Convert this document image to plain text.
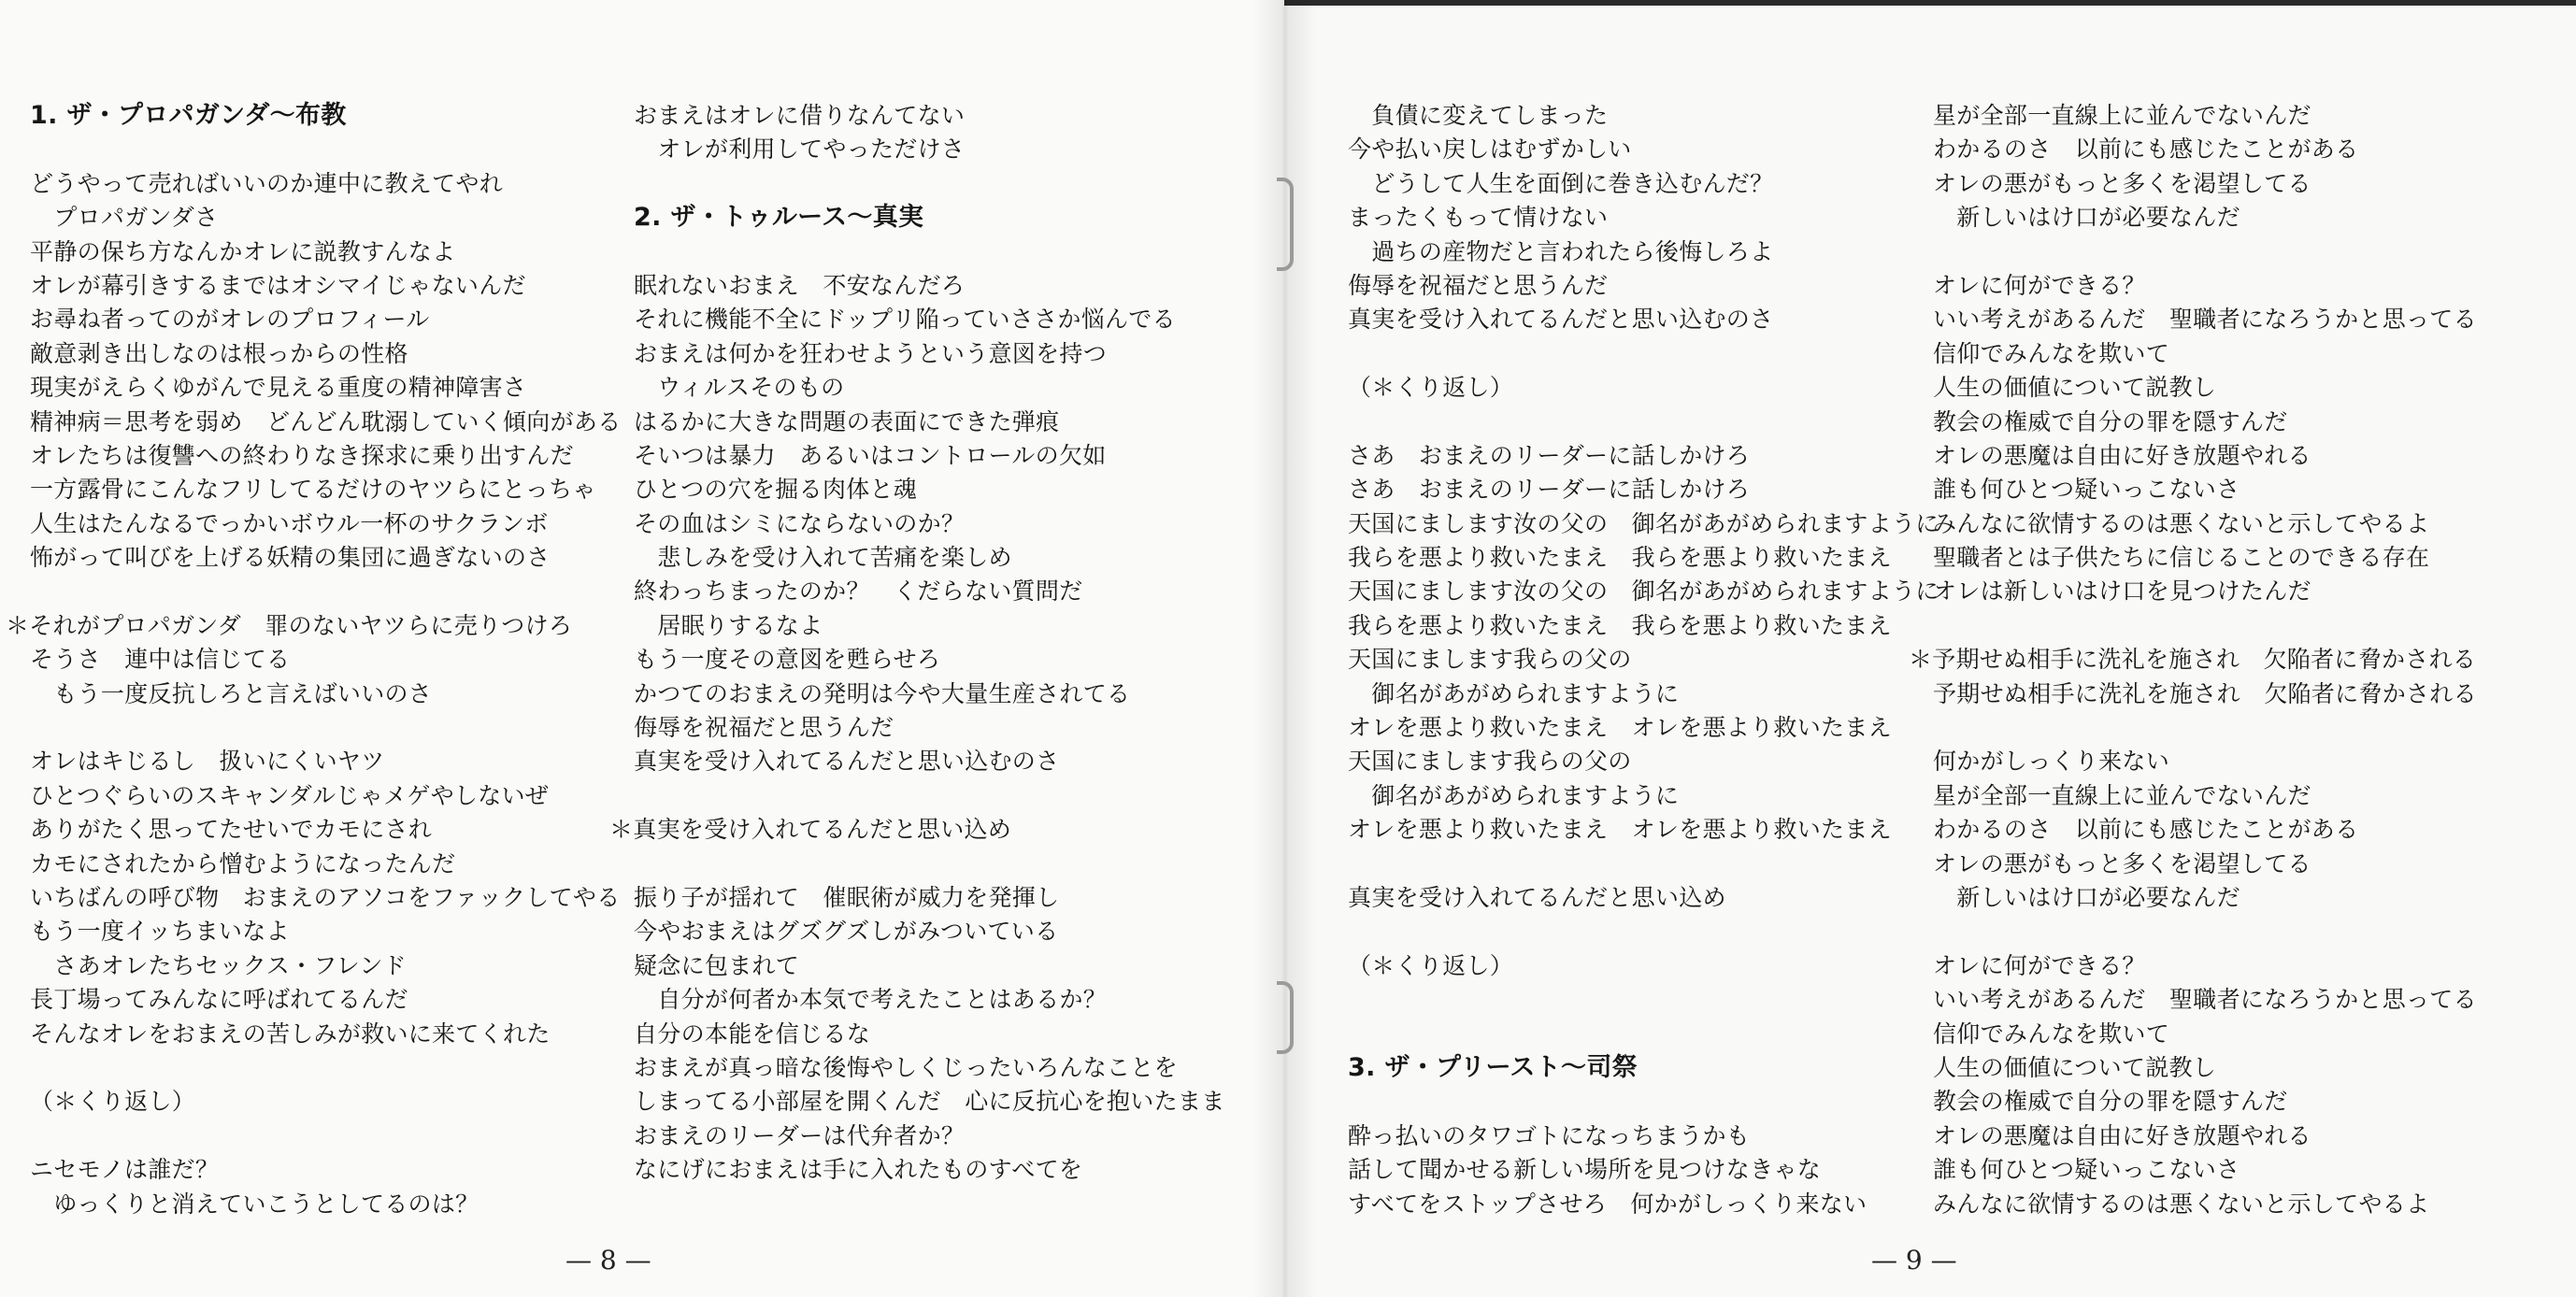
1. ザ・プロパガンダ〜布教
どうやって売ればいいのか連中に教えてやれ
　プロパガンダさ
平静の保ち方なんかオレに説教すんなよ
オレが幕引きするまではオシマイじゃないんだ
お尋ね者ってのがオレのプロフィール
敵意剥き出しなのは根っからの性格
現実がえらくゆがんで見える重度の精神障害さ
精神病＝思考を弱め　どんどん耽溺していく傾向がある
オレたちは復讐への終わりなき探求に乗り出すんだ
一方露骨にこんなフリしてるだけのヤツらにとっちゃ
人生はたんなるでっかいボウル一杯のサクランボ
怖がって叫びを上げる妖精の集団に過ぎないのさ
＊それがプロパガンダ　罪のないヤツらに売りつけろ
そうさ　連中は信じてる
　もう一度反抗しろと言えばいいのさ
オレはキじるし　扱いにくいヤツ
ひとつぐらいのスキャンダルじゃメゲやしないぜ
ありがたく思ってたせいでカモにされ
カモにされたから憎むようになったんだ
いちばんの呼び物　おまえのアソコをファックしてやる
もう一度イッちまいなよ
　さあオレたちセックス・フレンド
長丁場ってみんなに呼ばれてるんだ
そんなオレをおまえの苦しみが救いに来てくれた
（＊くり返し）
ニセモノは誰だ？
　ゆっくりと消えていこうとしてるのは？
おまえはオレに借りなんてない
　オレが利用してやっただけさ
2. ザ・トゥルース〜真実
眠れないおまえ　不安なんだろ
それに機能不全にドップリ陥っていささか悩んでる
おまえは何かを狂わせようという意図を持つ
　ウィルスそのもの
はるかに大きな問題の表面にできた弾痕
そいつは暴力　あるいはコントロールの欠如
ひとつの穴を掘る肉体と魂
その血はシミにならないのか？
　悲しみを受け入れて苦痛を楽しめ
終わっちまったのか？　くだらない質問だ
　居眠りするなよ
もう一度その意図を甦らせろ
かつてのおまえの発明は今や大量生産されてる
侮辱を祝福だと思うんだ
真実を受け入れてるんだと思い込むのさ
＊真実を受け入れてるんだと思い込め
振り子が揺れて　催眠術が威力を発揮し
今やおまえはグズグズしがみついている
疑念に包まれて
　自分が何者か本気で考えたことはあるか？
自分の本能を信じるな
おまえが真っ暗な後悔やしくじったいろんなことを
しまってる小部屋を開くんだ　心に反抗心を抱いたまま
おまえのリーダーは代弁者か？
なにげにおまえは手に入れたものすべてを
　負債に変えてしまった
今や払い戻しはむずかしい
　どうして人生を面倒に巻き込むんだ？
まったくもって情けない
　過ちの産物だと言われたら後悔しろよ
侮辱を祝福だと思うんだ
真実を受け入れてるんだと思い込むのさ
（＊くり返し）
さあ　おまえのリーダーに話しかけろ
さあ　おまえのリーダーに話しかけろ
天国にまします汝の父の　御名があがめられますように
我らを悪より救いたまえ　我らを悪より救いたまえ
天国にまします汝の父の　御名があがめられますように
我らを悪より救いたまえ　我らを悪より救いたまえ
天国にまします我らの父の
　御名があがめられますように
オレを悪より救いたまえ　オレを悪より救いたまえ
天国にまします我らの父の
　御名があがめられますように
オレを悪より救いたまえ　オレを悪より救いたまえ
真実を受け入れてるんだと思い込め
（＊くり返し）
3. ザ・プリースト〜司祭
酔っ払いのタワゴトになっちまうかも
話して聞かせる新しい場所を見つけなきゃな
すべてをストップさせろ　何かがしっくり来ない
星が全部一直線上に並んでないんだ
わかるのさ　以前にも感じたことがある
オレの悪がもっと多くを渇望してる
　新しいはけ口が必要なんだ
オレに何ができる？
いい考えがあるんだ　聖職者になろうかと思ってる
信仰でみんなを欺いて
人生の価値について説教し
教会の権威で自分の罪を隠すんだ
オレの悪魔は自由に好き放題やれる
誰も何ひとつ疑いっこないさ
みんなに欲情するのは悪くないと示してやるよ
聖職者とは子供たちに信じることのできる存在
オレは新しいはけ口を見つけたんだ
＊予期せぬ相手に洗礼を施され　欠陥者に脅かされる
予期せぬ相手に洗礼を施され　欠陥者に脅かされる
何かがしっくり来ない
星が全部一直線上に並んでないんだ
わかるのさ　以前にも感じたことがある
オレの悪がもっと多くを渇望してる
　新しいはけ口が必要なんだ
オレに何ができる？
いい考えがあるんだ　聖職者になろうかと思ってる
信仰でみんなを欺いて
人生の価値について説教し
教会の権威で自分の罪を隠すんだ
オレの悪魔は自由に好き放題やれる
誰も何ひとつ疑いっこないさ
みんなに欲情するのは悪くないと示してやるよ
— 8 —	— 9 —
